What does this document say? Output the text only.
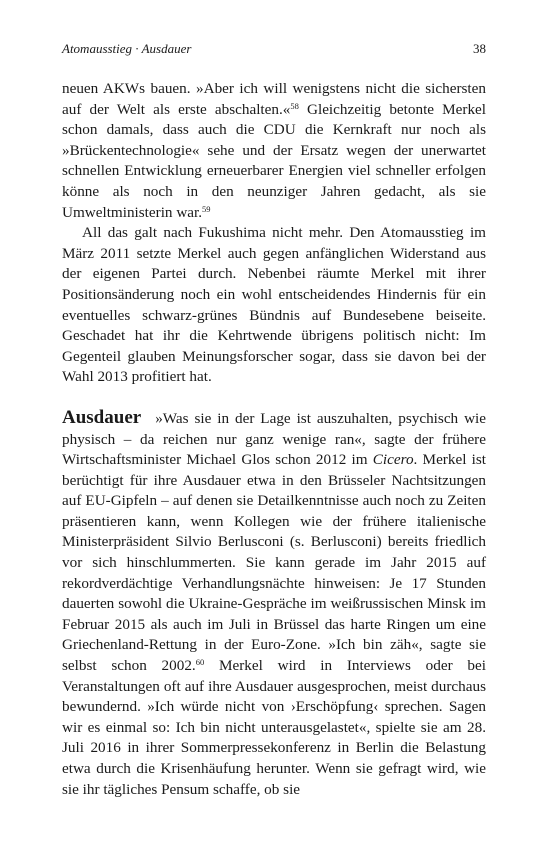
Atomausstieg · Ausdauer	38

neuen AKWs bauen. »Aber ich will wenigstens nicht die sichersten auf der Welt als erste abschalten.«$^{58}$ Gleichzeitig betonte Merkel schon damals, dass auch die CDU die Kernkraft nur noch als »Brückentechnologie« sehe und der Ersatz wegen der unerwartet schnellen Entwicklung erneuerbarer Energien viel schneller erfolgen könne als noch in den neunziger Jahren gedacht, als sie Umweltministerin war.$^{59}$

All das galt nach Fukushima nicht mehr. Den Atomausstieg im März 2011 setzte Merkel auch gegen anfänglichen Widerstand aus der eigenen Partei durch. Nebenbei räumte Merkel mit ihrer Positionsänderung noch ein wohl entscheidendes Hindernis für ein eventuelles schwarz-grünes Bündnis auf Bundesebene beiseite. Geschadet hat ihr die Kehrtwende übrigens politisch nicht: Im Gegenteil glauben Meinungsforscher sogar, dass sie davon bei der Wahl 2013 profitiert hat.

Ausdauer »Was sie in der Lage ist auszuhalten, psychisch wie physisch – da reichen nur ganz wenige ran«, sagte der frühere Wirtschaftsminister Michael Glos schon 2012 im Cicero. Merkel ist berüchtigt für ihre Ausdauer etwa in den Brüsseler Nachtsitzungen auf EU-Gipfeln – auf denen sie Detailkenntnisse auch noch zu Zeiten präsentieren kann, wenn Kollegen wie der frühere italienische Ministerpräsident Silvio Berlusconi (s. Berlusconi) bereits friedlich vor sich hinschlummerten. Sie kann gerade im Jahr 2015 auf rekordverdächtige Verhandlungsnächte hinweisen: Je 17 Stunden dauerten sowohl die Ukraine-Gespräche im weißrussischen Minsk im Februar 2015 als auch im Juli in Brüssel das harte Ringen um eine Griechenland-Rettung in der Euro-Zone. »Ich bin zäh«, sagte sie selbst schon 2002.60 Merkel wird in Interviews oder bei Veranstaltungen oft auf ihre Ausdauer ausgesprochen, meist durchaus bewundernd. »Ich würde nicht von ›Erschöpfung‹ sprechen. Sagen wir es einmal so: Ich bin nicht unterausgelastet«, spielte sie am 28. Juli 2016 in ihrer Sommerpressekonferenz in Berlin die Belastung etwa durch die Krisenhäufung herunter. Wenn sie gefragt wird, wie sie ihr tägliches Pensum schaffe, ob sie
